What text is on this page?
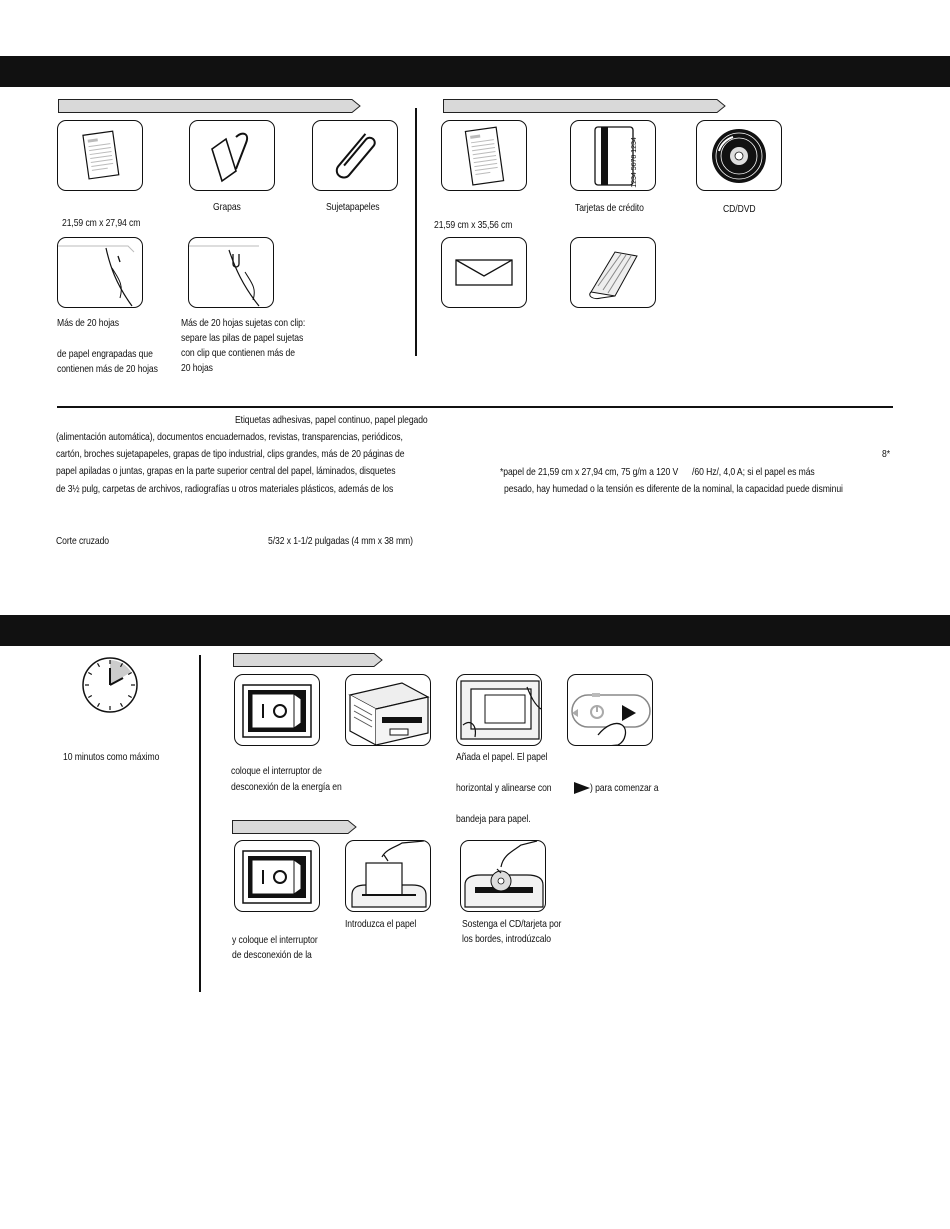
Grapas	Sujetapapeles
21,59 cm x 27,94 cm
Más de 20 hojas
de papel engrapadas que
contienen más de 20 hojas
Más de 20 hojas sujetas con clip:
separe las pilas de papel sujetas
con clip que contienen más de
20 hojas
1234 5678 1234
Tarjetas de crédito	CD/DVD
21,59 cm x 35,56 cm
Etiquetas adhesivas, papel continuo, papel plegado
(alimentación automática), documentos encuadernados, revistas, transparencias, periódicos,
cartón, broches sujetapapeles, grapas de tipo industrial, clips grandes, más de 20 páginas de
papel apiladas o juntas, grapas en la parte superior central del papel, láminados, disquetes
de 3½ pulg, carpetas de archivos, radiografías u otros materiales plásticos, además de los
8*
*papel de 21,59 cm x 27,94 cm, 75 g/m a 120 V      /60 Hz/, 4,0 A; si el papel es más
pesado, hay humedad o la tensión es diferente de la nominal, la capacidad puede disminui
Corte cruzado	5/32 x 1-1/2 pulgadas (4 mm x 38 mm)
10 minutos como máximo
coloque el interruptor de
desconexión de la energía en
Añada el papel. El papel
horizontal y alinearse con
bandeja para papel.
) para comenzar a
Introduzca el papel	Sostenga el CD/tarjeta por
los bordes, introdúzcalo
y coloque el interruptor
de desconexión de la
